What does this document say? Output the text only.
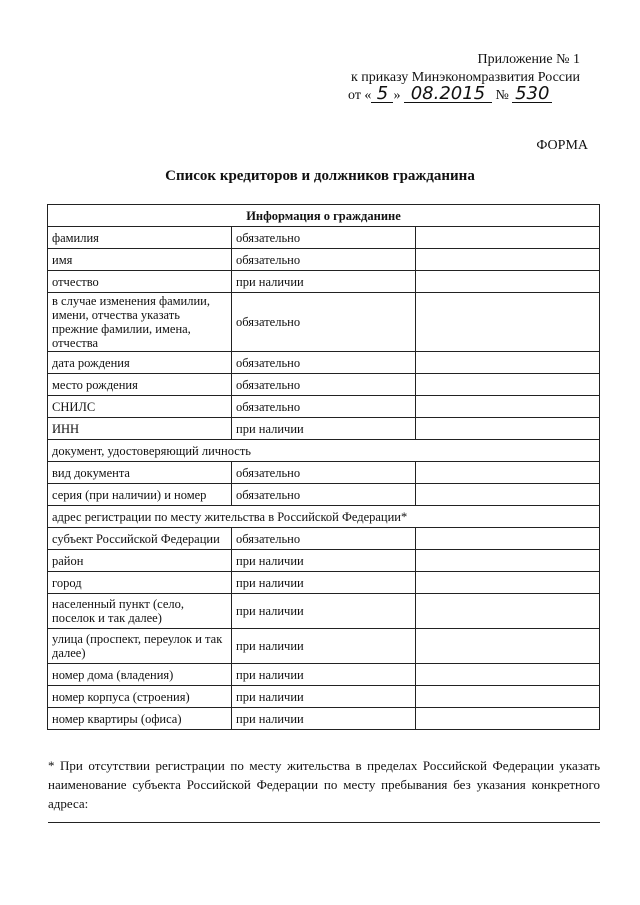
Приложение № 1
к приказу Минэкономразвития России
от « 5 » 08.2015 № 530
ФОРМА
Список кредиторов и должников гражданина
Информация о гражданине		
фамилия	обязательно	
имя	обязательно	
отчество	при наличии	
в случае изменения фамилии, имени, отчества указать прежние фамилии, имена, отчества	обязательно	
дата рождения	обязательно	
место рождения	обязательно	
СНИЛС	обязательно	
ИНН	при наличии	
документ, удостоверяющий личность		
вид документа	обязательно	
серия (при наличии) и номер	обязательно	
адрес регистрации по месту жительства в Российской Федерации*		
субъект Российской Федерации	обязательно	
район	при наличии	
город	при наличии	
населенный пункт (село, поселок и так далее)	при наличии	
улица (проспект, переулок и так далее)	при наличии	
номер дома (владения)	при наличии	
номер корпуса (строения)	при наличии	
номер квартиры (офиса)	при наличии	
* При отсутствии регистрации по месту жительства в пределах Российской Федерации указать наименование субъекта Российской Федерации по месту пребывания без указания конкретного адреса:
